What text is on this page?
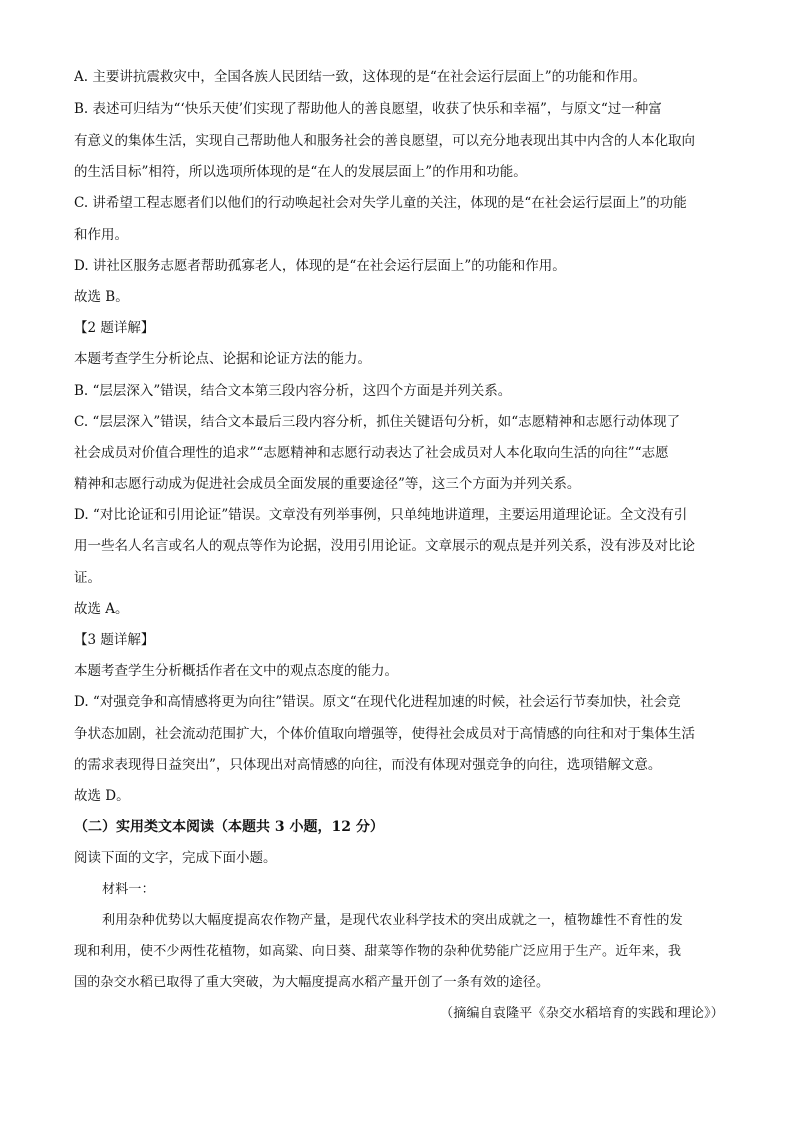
A. 主要讲抗震救灾中，全国各族人民团结一致，这体现的是“在社会运行层面上”的功能和作用。
B. 表述可归结为“‘快乐天使’们实现了帮助他人的善良愿望，收获了快乐和幸福”，与原文“过一种富
有意义的集体生活，实现自己帮助他人和服务社会的善良愿望，可以充分地表现出其中内含的人本化取向
的生活目标”相符，所以选项所体现的是“在人的发展层面上”的作用和功能。
C. 讲希望工程志愿者们以他们的行动唤起社会对失学儿童的关注，体现的是“在社会运行层面上”的功能
和作用。
D. 讲社区服务志愿者帮助孤寡老人，体现的是“在社会运行层面上”的功能和作用。
故选 B。
【2 题详解】
本题考查学生分析论点、论据和论证方法的能力。
B. “层层深入”错误，结合文本第三段内容分析，这四个方面是并列关系。
C. “层层深入”错误，结合文本最后三段内容分析，抓住关键语句分析，如“志愿精神和志愿行动体现了
社会成员对价值合理性的追求”“志愿精神和志愿行动表达了社会成员对人本化取向生活的向往”“志愿
精神和志愿行动成为促进社会成员全面发展的重要途径”等，这三个方面为并列关系。
D. “对比论证和引用论证”错误。文章没有列举事例，只单纯地讲道理，主要运用道理论证。全文没有引
用一些名人名言或名人的观点等作为论据，没用引用论证。文章展示的观点是并列关系，没有涉及对比论
证。
故选 A。
【3 题详解】
本题考查学生分析概括作者在文中的观点态度的能力。
D. “对强竞争和高情感将更为向往”错误。原文“在现代化进程加速的时候，社会运行节奏加快，社会竞
争状态加剧，社会流动范围扩大，个体价值取向增强等，使得社会成员对于高情感的向往和对于集体生活
的需求表现得日益突出”，只体现出对高情感的向往，而没有体现对强竞争的向往，选项错解文意。
故选 D。
（二）实用类文本阅读（本题共 3 小题，12 分）
阅读下面的文字，完成下面小题。
材料一：
利用杂种优势以大幅度提高农作物产量，是现代农业科学技术的突出成就之一，植物雄性不育性的发
现和利用，使不少两性花植物，如高粱、向日葵、甜菜等作物的杂种优势能广泛应用于生产。近年来，我
国的杂交水稻已取得了重大突破，为大幅度提高水稻产量开创了一条有效的途径。
（摘编自袁隆平《杂交水稻培育的实践和理论》）
